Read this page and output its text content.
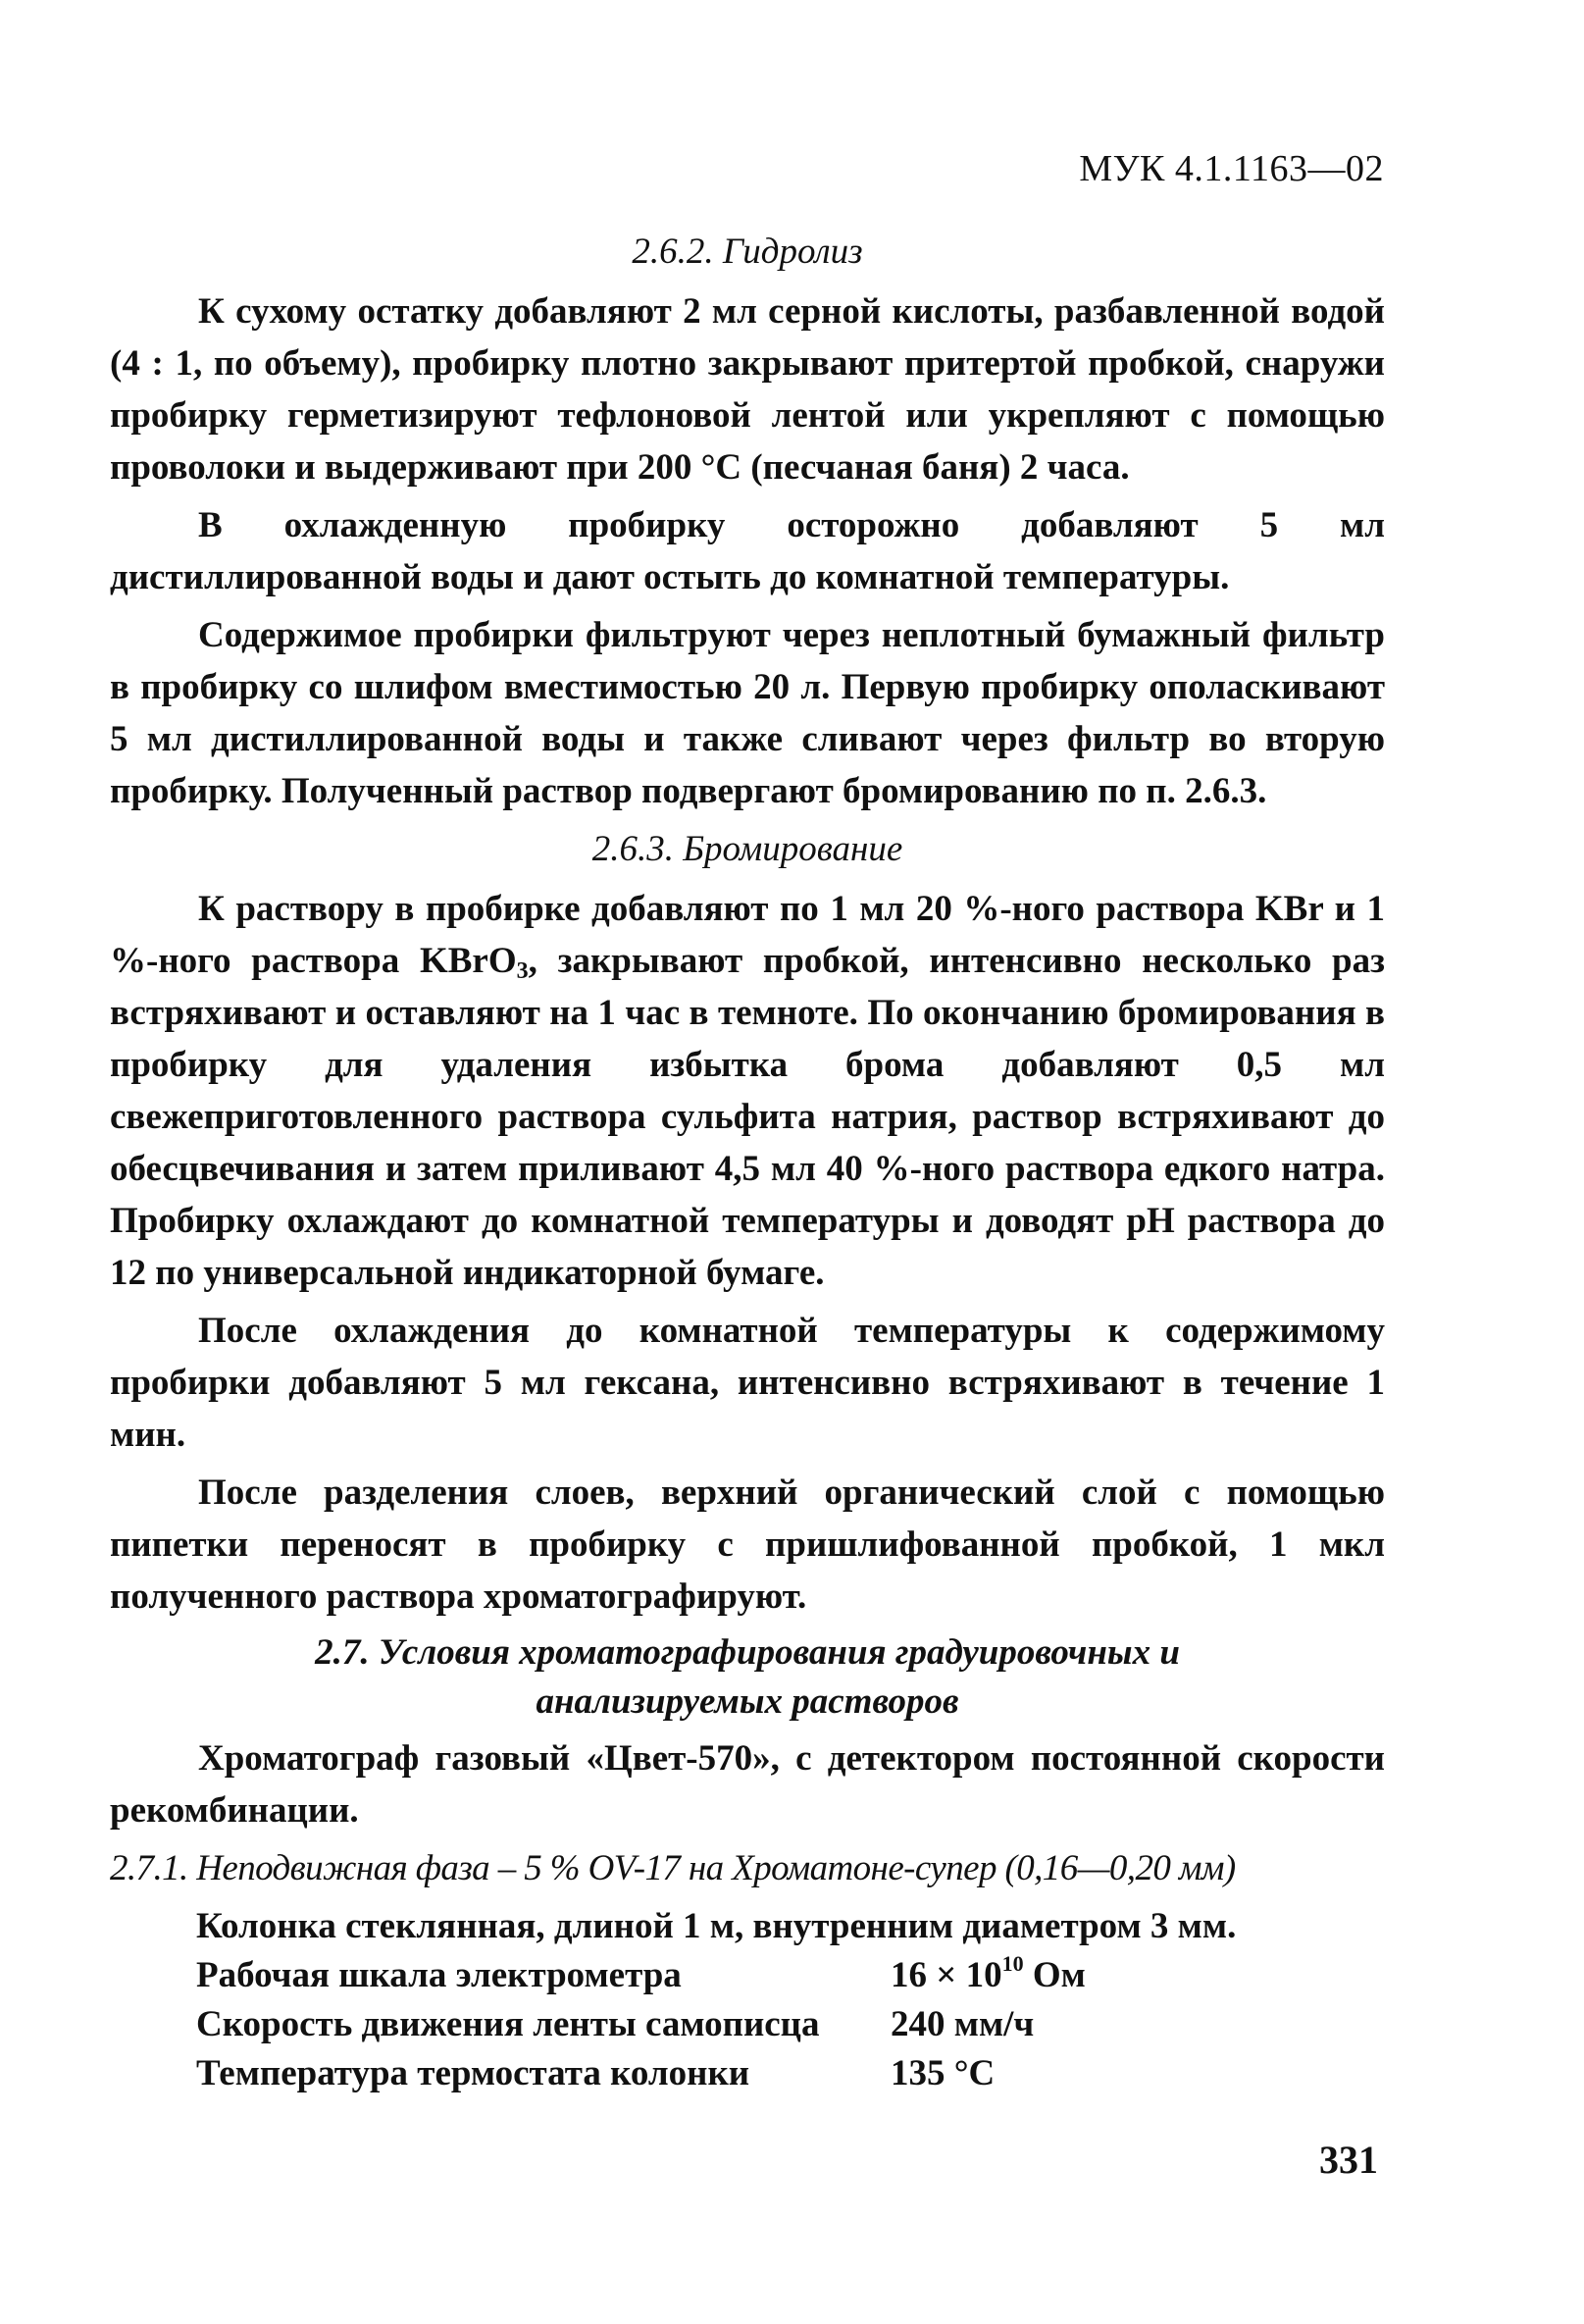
МУК 4.1.1163—02
2.6.2. Гидролиз

К сухому остатку добавляют 2 мл серной кислоты, разбавленной водой (4 : 1, по объему), пробирку плотно закрывают притертой пробкой, снаружи пробирку герметизируют тефлоновой лентой или укрепляют с помощью проволоки и выдерживают при 200 °С (песчаная баня) 2 часа.

В охлажденную пробирку осторожно добавляют 5 мл дистиллированной воды и дают остыть до комнатной температуры.

Содержимое пробирки фильтруют через неплотный бумажный фильтр в пробирку со шлифом вместимостью 20 л. Первую пробирку ополаскивают 5 мл дистиллированной воды и также сливают через фильтр во вторую пробирку. Полученный раствор подвергают бромированию по п. 2.6.3.

2.6.3. Бромирование

К раствору в пробирке добавляют по 1 мл 20 %-ного раствора KBr и 1 %-ного раствора KBrO$_3$, закрывают пробкой, интенсивно несколько раз встряхивают и оставляют на 1 час в темноте. По окончанию бромирования в пробирку для удаления избытка брома добавляют 0,5 мл свежеприготовленного раствора сульфита натрия, раствор встряхивают до обесцвечивания и затем приливают 4,5 мл 40 %-ного раствора едкого натра. Пробирку охлаждают до комнатной температуры и доводят pH раствора до 12 по универсальной индикаторной бумаге.

После охлаждения до комнатной температуры к содержимому пробирки добавляют 5 мл гексана, интенсивно встряхивают в течение 1 мин.

После разделения слоев, верхний органический слой с помощью пипетки переносят в пробирку с пришлифованной пробкой, 1 мкл полученного раствора хроматографируют.

2.7. Условия хроматографирования градуировочных и
анализируемых растворов

Хроматограф газовый «Цвет-570», с детектором постоянной скорости рекомбинации.

2.7.1. Неподвижная фаза – 5 % OV-17 на Хроматоне-супер (0,16—0,20 мм)
Колонка стеклянная, длиной 1 м, внутренним диаметром 3 мм.
Рабочая шкала электрометра	$16 \times 10^{10}$ Ом
Скорость движения ленты самописца	240 мм/ч
Температура термостата колонки	135 °С
331
